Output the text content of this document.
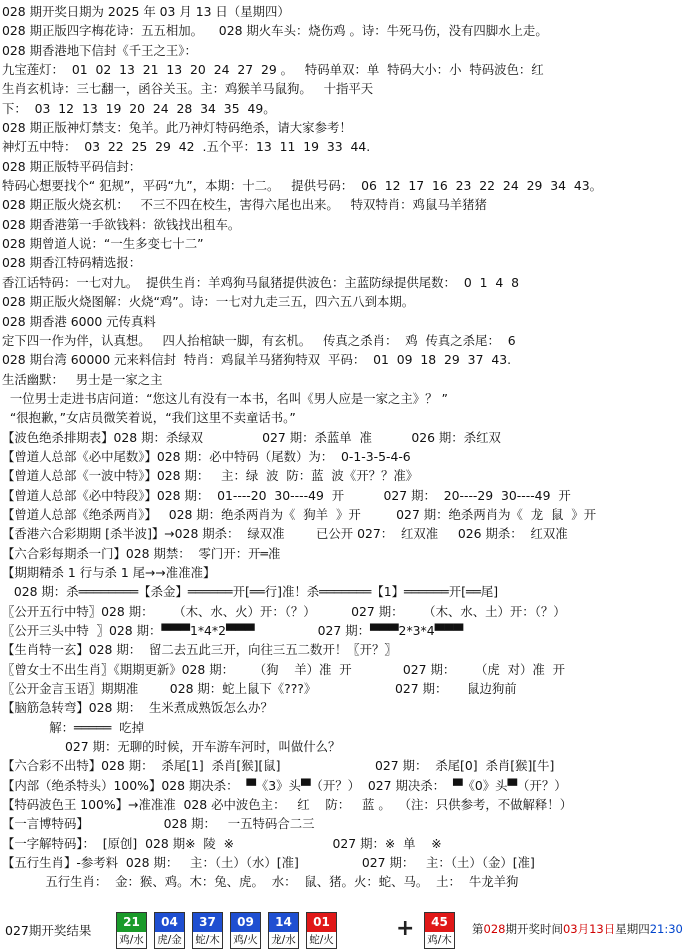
028 期开奖日期为 2025 年 03 月 13 日（星期四）
028 期正版四字梅花诗：五五相加。    028 期火车头：烧伤鸡 。诗：牛死马伤，没有四脚水上走。
028 期香港地下信封《千王之王》：
九宝莲灯：  01  02  13  21  13  20  24  27  29 。   特码单双：单  特码大小：小  特码波色：红
生肖玄机诗：三七翻一，函谷关玉。主：鸡猴羊马鼠狗。   十指平天
下：  03  12  13  19  20  24  28  34  35  49。
028 期正版神灯禁支：兔羊。此乃神灯特码绝杀，请大家参考！
神灯五中特：  03  22  25  29  42  .五个平：13  11  19  33  44.
028 期正版特平码信封：
特码心想要找个“ 犯规”，平码“九”，本期：十二。   提供号码：  06  12  17  16  23  22  24  29  34  43。
028 期正版火烧玄机：   不三不四在校生，害得六尾也出来。   特双特肖：鸡鼠马羊猪猪
028 期香港第一手欲钱料：欲钱找出租车。
028 期曾道人说：“一生多变七十二”
028 期香江特码精选报：
香江话特码：一七对九。  提供生肖：羊鸡狗马鼠猪提供波色：主蓝防绿提供尾数：  0  1  4  8
028 期正版火烧图解：火烧“鸡”。诗：一七对九走三五，四六五八到本期。
028 期香港 6000 元传真料
定下四一作为伴，认真想。   四人抬棺缺一脚，有玄机。   传真之杀肖：  鸡  传真之杀尾：  6
028 期台湾 60000 元来料信封  特肖：鸡鼠羊马猪狗特双  平码：  01  09  18  29  37  43.
生活幽默：   男士是一家之主
一位男士走进书店问道：“您这儿有没有一本书，名叫《男人应是一家之主》？ ”
“很抱歉，”女店员微笑着说，“我们这里不卖童话书。”
【波色绝杀排期表】028 期：杀绿双               027 期：杀蓝单  准          026 期：杀红双
【曾道人总部《必中尾数》】028 期：必中特码（尾数）为：  0-1-3-5-4-6
【曾道人总部《一波中特》】028 期：   主：绿  波  防：蓝  波《开？？准》
【曾道人总部《必中特段》】028 期：  01----20  30----49  开          027 期：  20----29  30----49  开
【曾道人总部《绝杀两肖》】   028 期：绝杀两肖为《  狗羊  》开         027 期：绝杀两肖为《  龙  鼠  》开
【香港六合彩期期 [杀半波]】→028 期杀：  绿双准        已公开 027：  红双准     026 期杀：  红双准
【六合彩每期杀一门】028 期禁：  零门开：开═准
【期期精杀 1 行与杀 1 尾→→准准准】
028 期：杀════════【杀金】══════开[══行]准！杀═══════【1】══════开[══尾]
〖公开五行中特〗028 期：     （木、水、火）开：（？）         027 期：     （木、水、土）开：（？）
〖公开三头中特  〗028 期：▀▀▀1*4*2▀▀▀                027 期：▀▀▀2*3*4▀▀▀
【生肖特一玄】028 期：  留二去五此三开，向往三五二数开！〖开？〗
〖曾女士不出生肖〗《期期更新》028 期：     （狗    羊）准  开             027 期：     （虎  对）准  开
〖公开金言玉语〗期期准        028 期：蛇上鼠下《???》                    027 期：     鼠边狗前
【脑筋急转弯】028 期：  生米煮成熟饭怎么办？
解：═════  吃掉
027 期：无聊的时候，开车游车河时，叫做什么？
【六合彩不出特】028 期：  杀尾[1]  杀肖[猴][鼠]                        027 期：  杀尾[0]  杀肖[猴][牛]
【内部（绝杀特头）100%】028 期决杀：  ▀《3》头▀（开？）  027 期决杀：  ▀《0》头▀（开？）
【特码波色王 100%】→准准准  028 必中波色主：   红    防：   蓝 。  （注：只供参考，不做解释！）
【一言博特码】                   028 期：   一五特码合二三
【一字解特码】：  [原创]  028 期※  陵  ※                         027 期：※  单    ※
【五行生肖】-参考料  028 期：   主：（土）（水）[准]                027 期：   主：（土）（金）[准]
五行生肖：  金：猴、鸡。木：兔、虎。  水：  鼠、猪。火：蛇、马。  土：  牛龙羊狗
027期开奖结果
21
鸡/水
04
虎/金
37
蛇/木
09
鸡/火
14
龙/水
01
蛇/火	+	45
鸡/木
第028期开奖时间03月13日星期四21:30
